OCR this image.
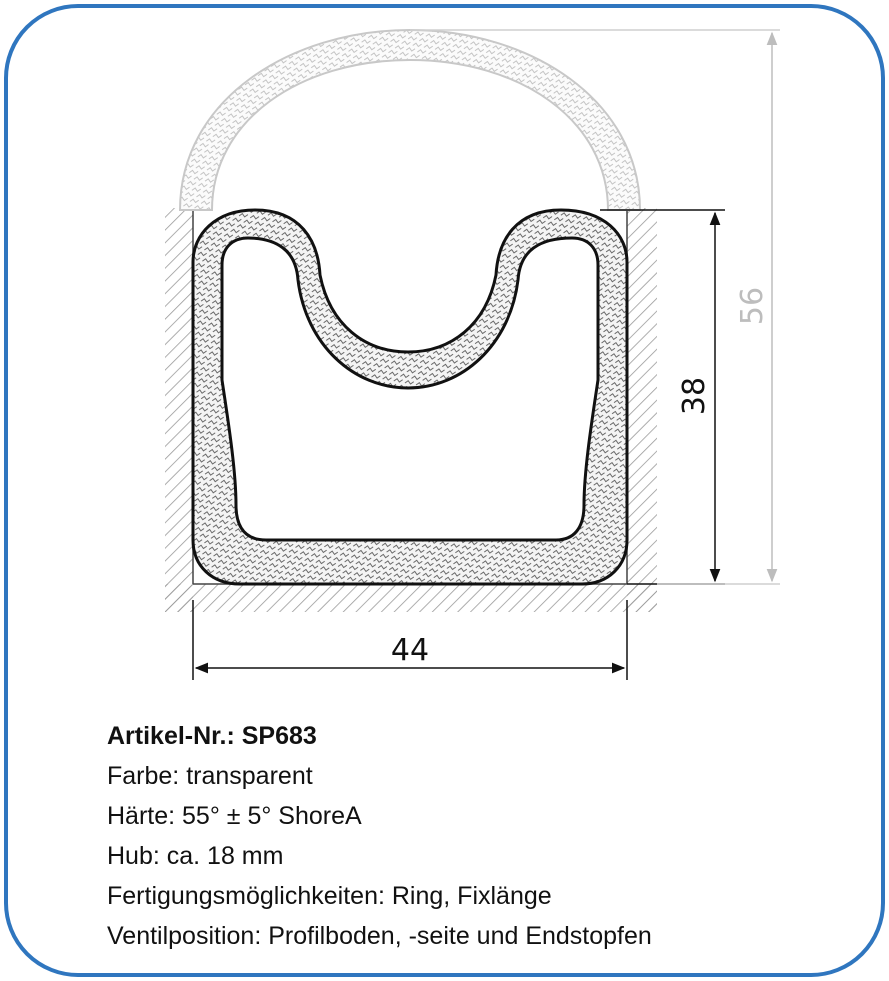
44
38
56
Artikel-Nr.: SP683
Farbe: transparent
Härte: 55° ± 5° ShoreA
Hub: ca. 18 mm
Fertigungsmöglichkeiten: Ring, Fixlänge
Ventilposition: Profilboden, -seite und Endstopfen
